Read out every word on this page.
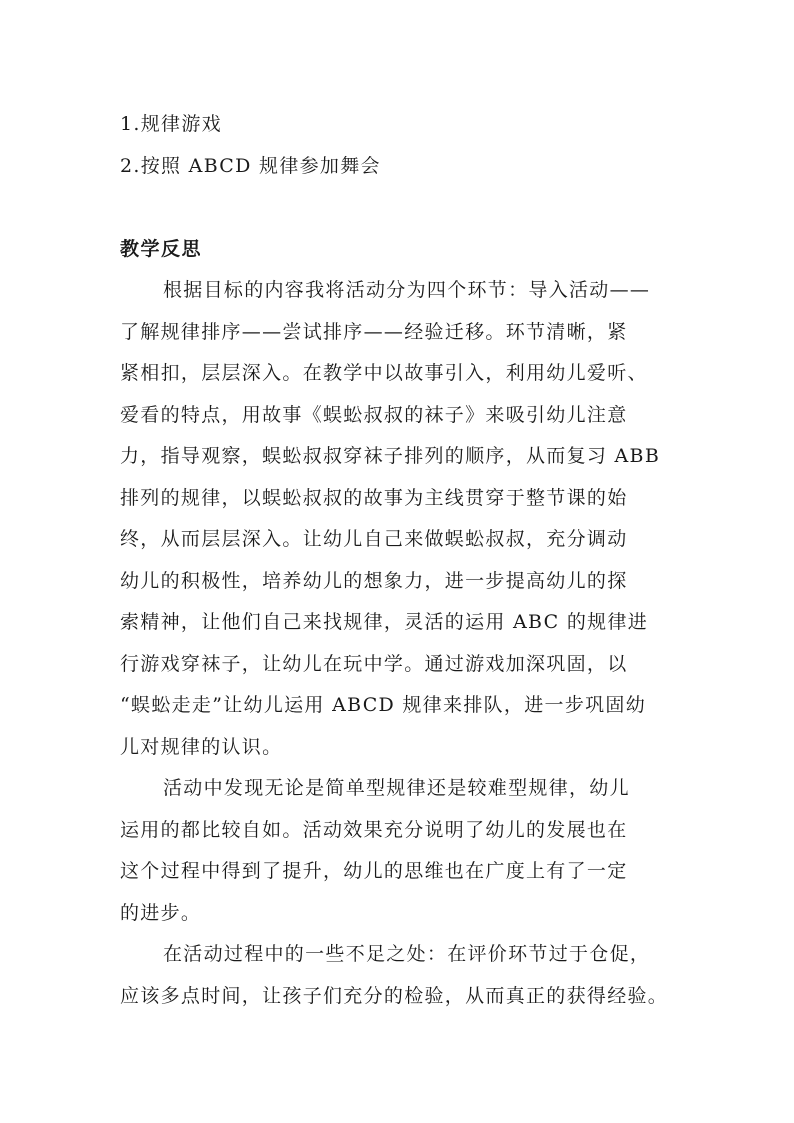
1.规律游戏
2.按照 ABCD 规律参加舞会
教学反思
根据目标的内容我将活动分为四个环节：导入活动——
了解规律排序——尝试排序——经验迁移。环节清晰，紧
紧相扣，层层深入。在教学中以故事引入，利用幼儿爱听、
爱看的特点，用故事《蜈蚣叔叔的袜子》来吸引幼儿注意
力，指导观察，蜈蚣叔叔穿袜子排列的顺序，从而复习 ABB
排列的规律，以蜈蚣叔叔的故事为主线贯穿于整节课的始
终，从而层层深入。让幼儿自己来做蜈蚣叔叔，充分调动
幼儿的积极性，培养幼儿的想象力，进一步提高幼儿的探
索精神，让他们自己来找规律，灵活的运用 ABC 的规律进
行游戏穿袜子，让幼儿在玩中学。通过游戏加深巩固，以
“蜈蚣走走”让幼儿运用 ABCD 规律来排队，进一步巩固幼
儿对规律的认识。
活动中发现无论是简单型规律还是较难型规律，幼儿
运用的都比较自如。活动效果充分说明了幼儿的发展也在
这个过程中得到了提升，幼儿的思维也在广度上有了一定
的进步。
在活动过程中的一些不足之处：在评价环节过于仓促，
应该多点时间，让孩子们充分的检验，从而真正的获得经验。
